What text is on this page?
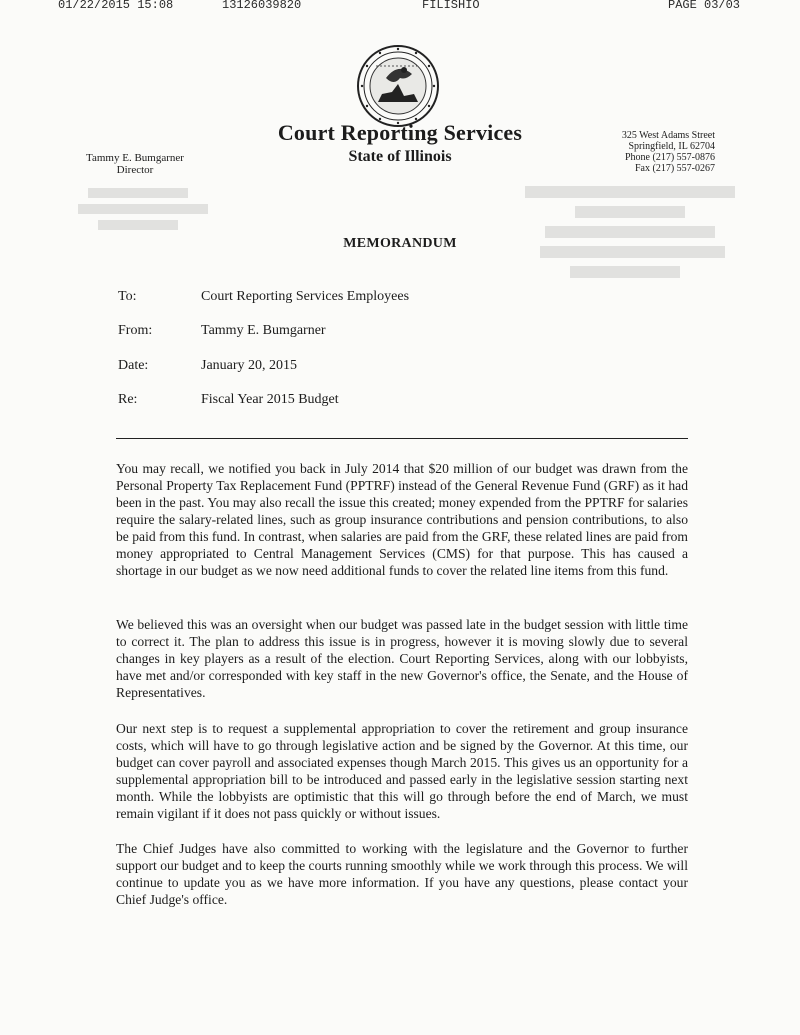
01/22/2015 15:08	13126039820	FILISHIO	PAGE 03/03
Court Reporting Services
State of Illinois
Tammy E. Bumgarner
Director
325 West Adams Street
Springfield, IL 62704
Phone (217) 557-0876
Fax (217) 557-0267
MEMORANDUM
To:	Court Reporting Services Employees
From:	Tammy E. Bumgarner
Date:	January 20, 2015
Re:	Fiscal Year 2015 Budget

You may recall, we notified you back in July 2014 that $20 million of our budget was drawn from the Personal Property Tax Replacement Fund (PPTRF) instead of the General Revenue Fund (GRF) as it had been in the past. You may also recall the issue this created; money expended from the PPTRF for salaries require the salary-related lines, such as group insurance contributions and pension contributions, to also be paid from this fund. In contrast, when salaries are paid from the GRF, these related lines are paid from money appropriated to Central Management Services (CMS) for that purpose. This has caused a shortage in our budget as we now need additional funds to cover the related line items from this fund.

We believed this was an oversight when our budget was passed late in the budget session with little time to correct it. The plan to address this issue is in progress, however it is moving slowly due to several changes in key players as a result of the election. Court Reporting Services, along with our lobbyists, have met and/or corresponded with key staff in the new Governor's office, the Senate, and the House of Representatives.

Our next step is to request a supplemental appropriation to cover the retirement and group insurance costs, which will have to go through legislative action and be signed by the Governor. At this time, our budget can cover payroll and associated expenses though March 2015. This gives us an opportunity for a supplemental appropriation bill to be introduced and passed early in the legislative session starting next month. While the lobbyists are optimistic that this will go through before the end of March, we must remain vigilant if it does not pass quickly or without issues.

The Chief Judges have also committed to working with the legislature and the Governor to further support our budget and to keep the courts running smoothly while we work through this process. We will continue to update you as we have more information. If you have any questions, please contact your Chief Judge's office.
